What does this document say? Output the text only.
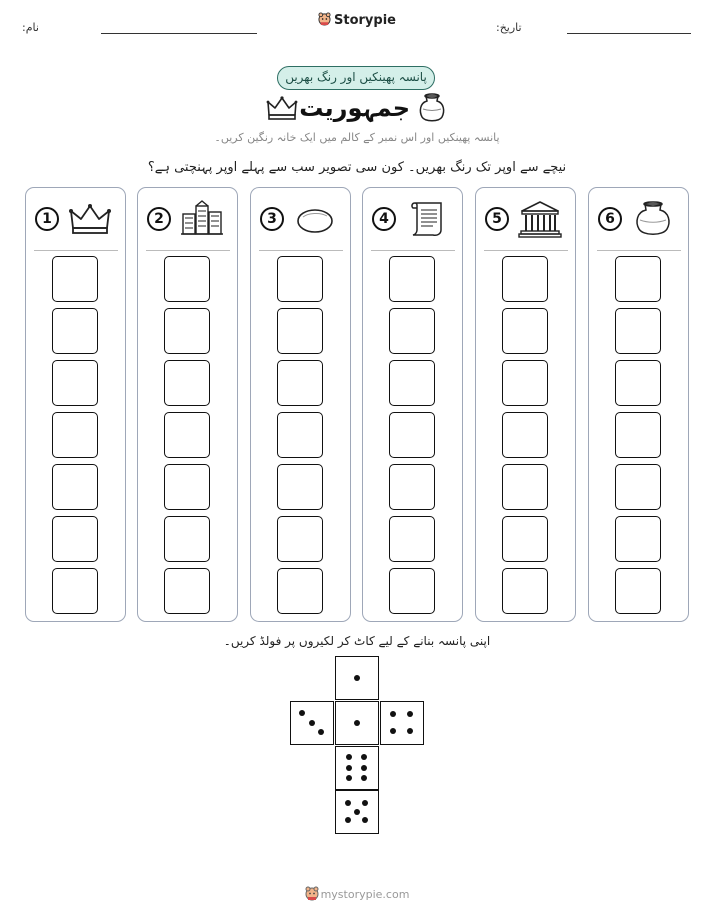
تاریخ:
نام:	Storypie
پانسہ پھینکیں اور رنگ بھریں
جمہوریت
پانسہ پھینکیں اور اس نمبر کے کالم میں ایک خانہ رنگین کریں۔
نیچے سے اوپر تک رنگ بھریں۔ کون سی تصویر سب سے پہلے اوپر پہنچتی ہے؟
1	2	3	4	5	6
اپنی پانسہ بنانے کے لیے کاٹ کر لکیروں پر فولڈ کریں۔
mystorypie.com
